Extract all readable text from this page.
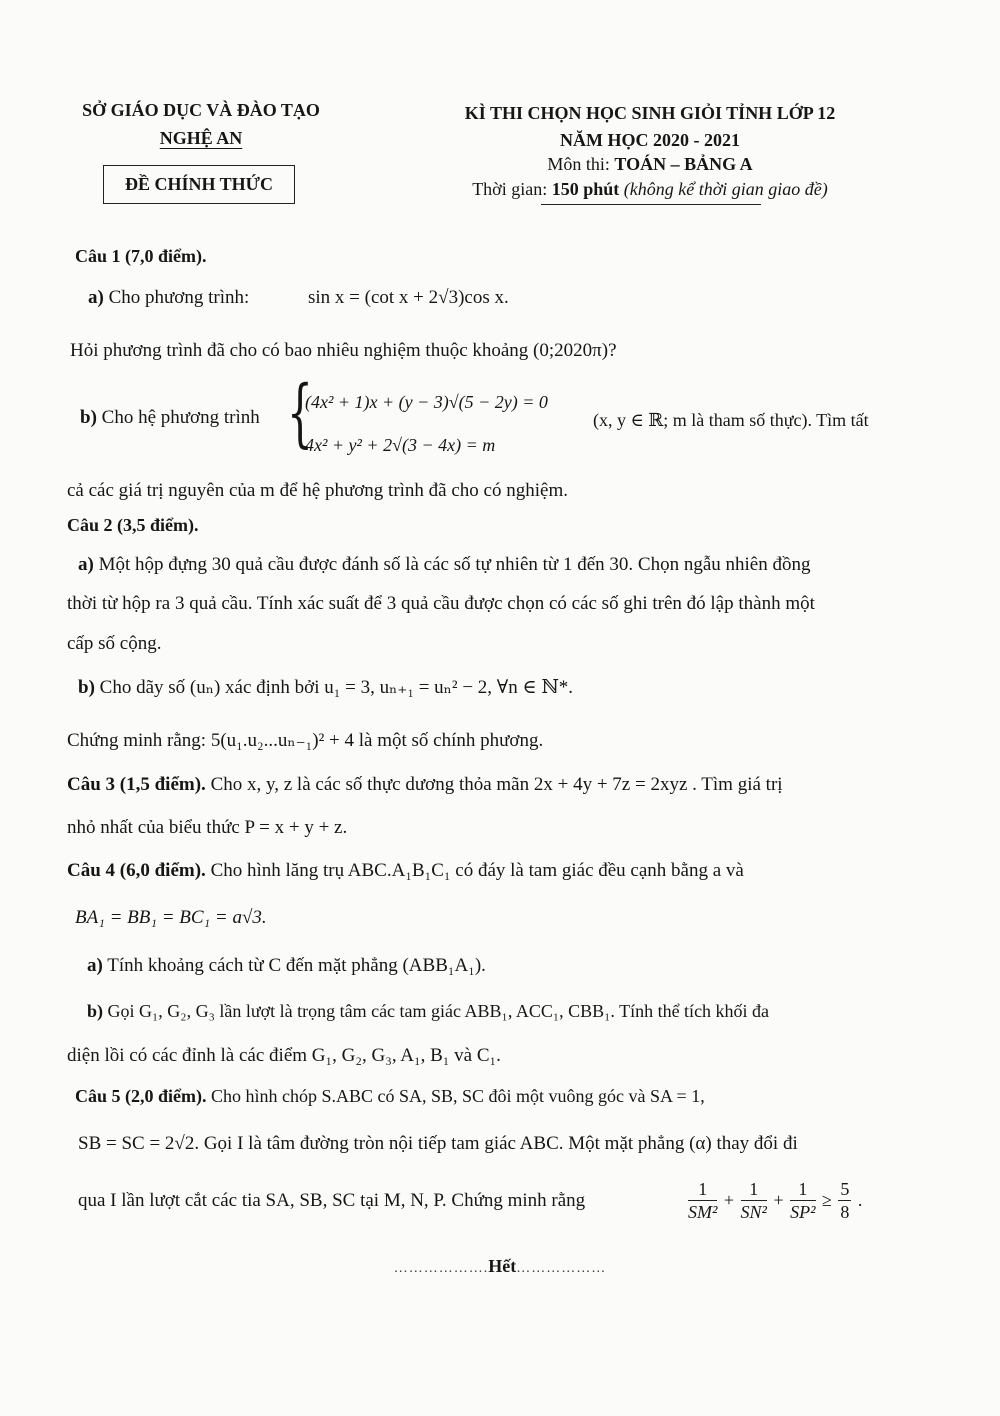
SỞ GIÁO DỤC VÀ ĐÀO TẠO
NGHỆ AN
ĐỀ CHÍNH THỨC
KÌ THI CHỌN HỌC SINH GIỎI TỈNH LỚP 12
NĂM HỌC 2020 - 2021
Môn thi: TOÁN – BẢNG A
Thời gian: 150 phút (không kể thời gian giao đề)
Câu 1 (7,0 điểm).
a) Cho phương trình:	sin x = (cot x + 2√3)cos x.
Hỏi phương trình đã cho có bao nhiêu nghiệm thuộc khoảng (0;2020π)?
b) Cho hệ phương trình {
(4x² + 1)x + (y − 3)√(5 − 2y) = 0
4x² + y² + 2√(3 − 4x) = m
(x, y ∈ ℝ; m là tham số thực). Tìm tất
cả các giá trị nguyên của m để hệ phương trình đã cho có nghiệm.
Câu 2 (3,5 điểm).
a) Một hộp đựng 30 quả cầu được đánh số là các số tự nhiên từ 1 đến 30. Chọn ngẫu nhiên đồng
thời từ hộp ra 3 quả cầu. Tính xác suất để 3 quả cầu được chọn có các số ghi trên đó lập thành một
cấp số cộng.
b) Cho dãy số (uₙ) xác định bởi u₁ = 3, uₙ₊₁ = uₙ² − 2, ∀n ∈ ℕ*.
Chứng minh rằng: 5(u₁.u₂...uₙ₋₁)² + 4 là một số chính phương.
Câu 3 (1,5 điểm). Cho x, y, z là các số thực dương thỏa mãn 2x + 4y + 7z = 2xyz . Tìm giá trị
nhỏ nhất của biểu thức P = x + y + z.
Câu 4 (6,0 điểm). Cho hình lăng trụ ABC.A₁B₁C₁ có đáy là tam giác đều cạnh bằng a và
BA₁ = BB₁ = BC₁ = a√3.
a) Tính khoảng cách từ C đến mặt phẳng (ABB₁A₁).
b) Gọi G₁, G₂, G₃ lần lượt là trọng tâm các tam giác ABB₁, ACC₁, CBB₁. Tính thể tích khối đa
diện lồi có các đỉnh là các điểm G₁, G₂, G₃, A₁, B₁ và C₁.
Câu 5 (2,0 điểm). Cho hình chóp S.ABC có SA, SB, SC đôi một vuông góc và SA = 1,
SB = SC = 2√2. Gọi I là tâm đường tròn nội tiếp tam giác ABC. Một mặt phẳng (α) thay đổi đi
qua I lần lượt cắt các tia SA, SB, SC tại M, N, P. Chứng minh rằng	$\frac{1}{\text{SM²}} + \frac{1}{\text{SN²}} + \frac{1}{\text{SP²}} \ge \frac{5}{8}$ .
……………….Hết………………
